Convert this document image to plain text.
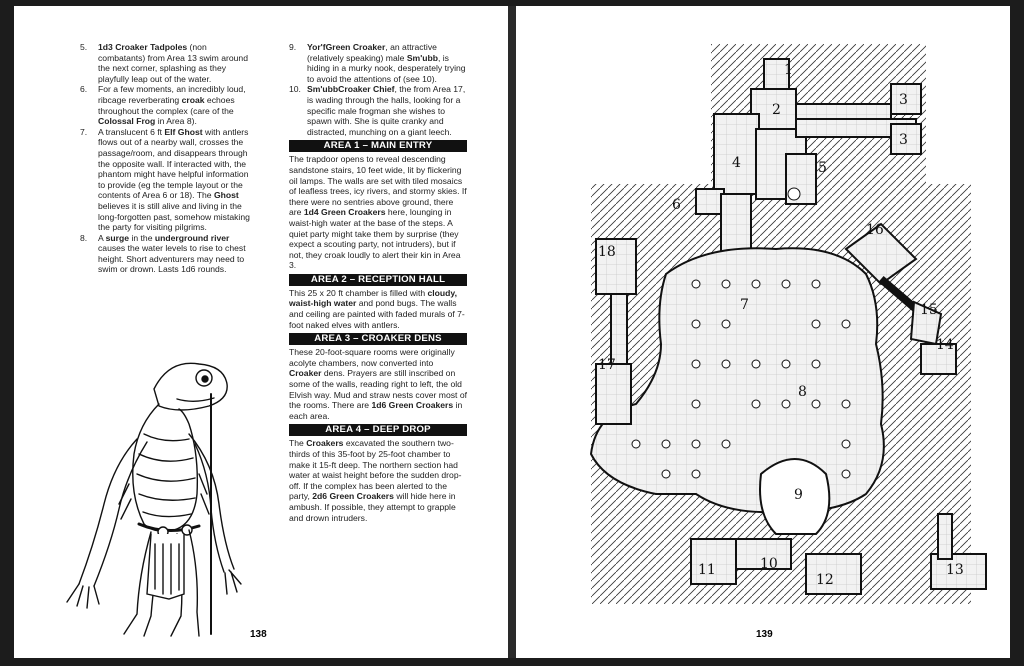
5. 1d3 Croaker Tadpoles (non combatants) from Area 13 swim around the next corner, splashing as they playfully leap out of the water.

6. For a few moments, an incredibly loud, ribcage reverberating croak echoes throughout the complex (care of the Colossal Frog in Area 8).

7. A translucent 6 ft Elf Ghost with antlers flows out of a nearby wall, crosses the passage/room, and disappears through the opposite wall. If interacted with, the phantom might have helpful information to provide (eg the temple layout or the contents of Area 6 or 18). The Ghost believes it is still alive and living in the long-forgotten past, somehow mistaking the party for visiting pilgrims.

8. A surge in the underground river causes the water levels to rise to chest height. Short adventurers may need to swim or drown. Lasts 1d6 rounds.

9. Yor'fGreen Croaker, an attractive (relatively speaking) male Sm'ubb, is hiding in a murky nook, desperately trying to avoid the attentions of (see 10).

10. Sm'ubbCroaker Chief, the from Area 17, is wading through the halls, looking for a specific male frogman she wishes to spawn with. She is quite cranky and distracted, munching on a giant leech.

AREA 1 – MAIN ENTRY

The trapdoor opens to reveal descending sandstone stairs, 10 feet wide, lit by flickering oil lamps. The walls are set with tiled mosaics of leafless trees, icy rivers, and stormy skies. If there were no sentries above ground, there are 1d4 Green Croakers here, lounging in waist-high water at the base of the steps. A quiet party might take them by surprise (they expect a scouting party, not intruders), but if not, they croak loudly to alert their kin in Area 3.

AREA 2 – RECEPTION HALL

This 25 x 20 ft chamber is filled with cloudy, waist-high water and pond bugs. The walls and ceiling are painted with faded murals of 7-foot naked elves with antlers.

AREA 3 – CROAKER DENS

These 20-foot-square rooms were originally acolyte chambers, now converted into Croaker dens. Prayers are still inscribed on some of the walls, reading right to left, the old Elvish way. Mud and straw nests cover most of the rooms. There are 1d6 Green Croakers in each area.

AREA 4 – DEEP DROP

The Croakers excavated the southern two-thirds of this 35-foot by 25-foot chamber to make it 15-ft deep. The northern section had water at waist height before the sudden drop-off. If the complex has been alerted to the party, 2d6 Green Croakers will hide here in ambush. If possible, they attempt to grapple and drown intruders.

138
1
2
3
3
4	5
6
7
8
9
10
11
12
13
14
15
16
17
18
139
